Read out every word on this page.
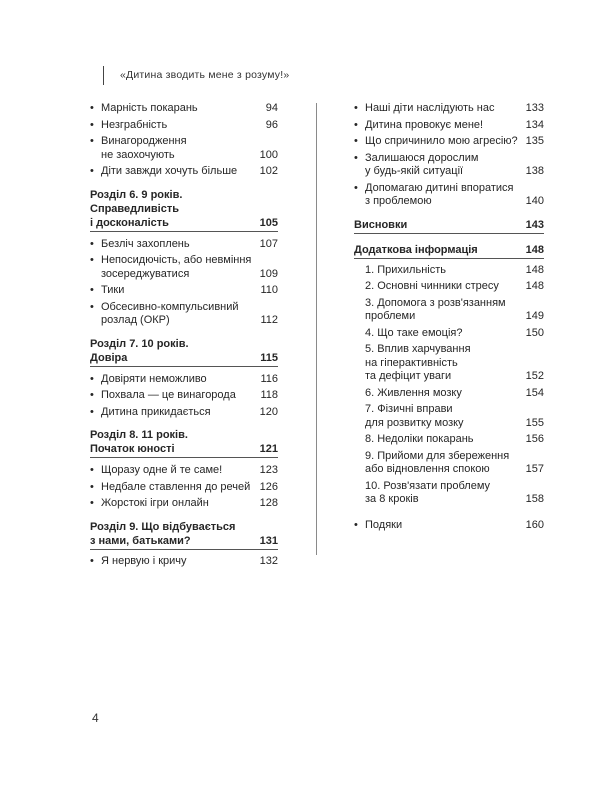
«Дитина зводить мене з розуму!»
• Марність покарань	94
• Незграбність	96
• Винагородження
не заохочують	100
• Діти завжди хочуть більше	102
Розділ 6. 9 років.
Справедливість
і досконалість	105
• Безліч захоплень	107
• Непосидючість, або невміння
зосереджуватися	109
• Тики	110
• Обсесивно-компульсивний
розлад (ОКР)	112
Розділ 7. 10 років.
Довіра	115
• Довіряти неможливо	116
• Похвала — це винагорода	118
• Дитина прикидається	120
Розділ 8. 11 років.
Початок юності	121
• Щоразу одне й те саме!	123
• Недбале ставлення до речей 126
• Жорстокі ігри онлайн	128
Розділ 9. Що відбувається
з нами, батьками?	131
• Я нервую і кричу	132
• Наші діти наслідують нас	133
• Дитина провокує мене!	134
• Що спричинило мою агресію? 135
• Залишаюся дорослим
у будь-якій ситуації	138
• Допомагаю дитині впоратися
з проблемою	140
Висновки	143
Додаткова інформація	148
1. Прихильність	148
2. Основні чинники стресу	148
3. Допомога з розв'язанням
проблеми	149
4. Що таке емоція?	150
5. Вплив харчування
на гіперактивність
та дефіцит уваги	152
6. Живлення мозку	154
7. Фізичні вправи
для розвитку мозку	155
8. Недоліки покарань	156
9. Прийоми для збереження
або відновлення спокою	157
10. Розв'язати проблему
за 8 кроків	158
• Подяки	160
4
